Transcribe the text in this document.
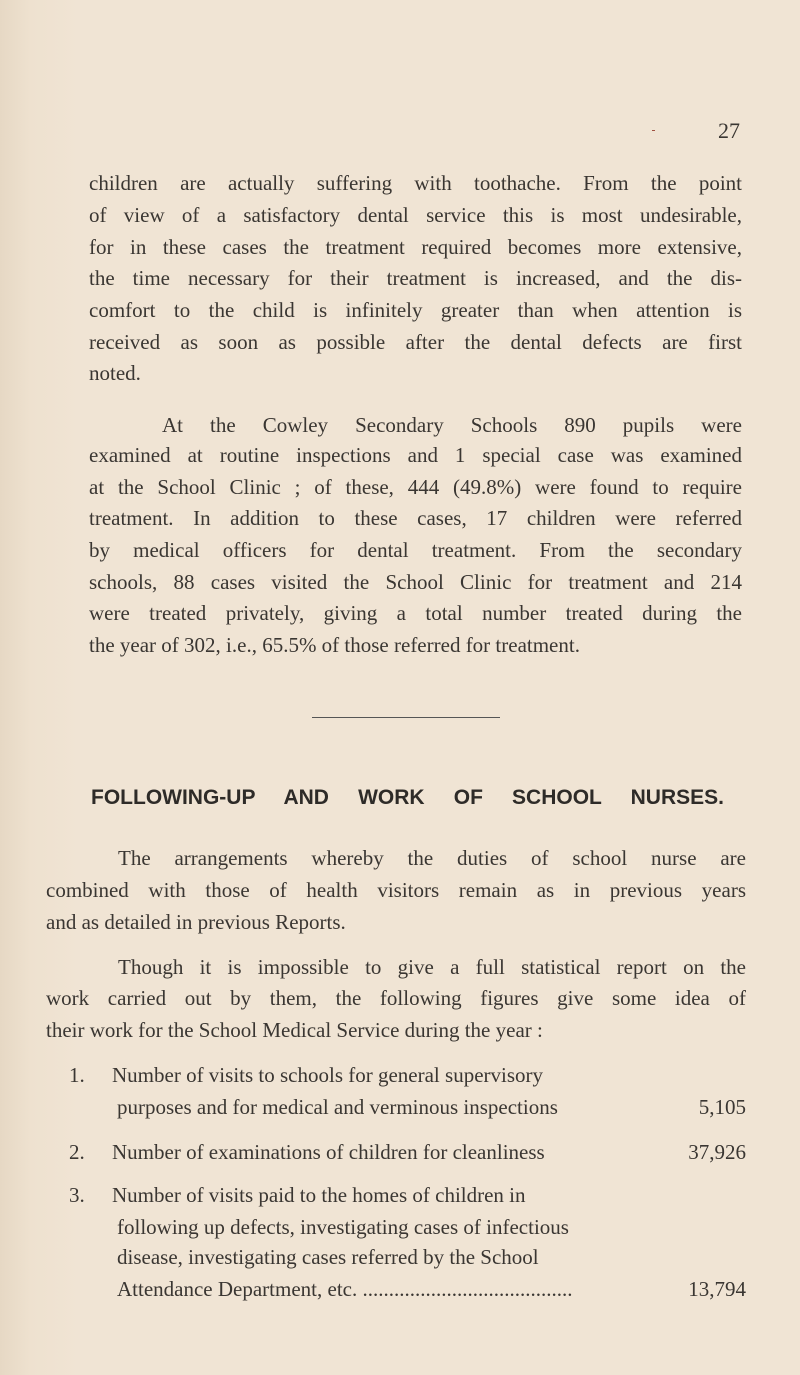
27
children are actually suffering with toothache. From the point
of view of a satisfactory dental service this is most undesirable,
for in these cases the treatment required becomes more extensive,
the time necessary for their treatment is increased, and the dis-
comfort to the child is infinitely greater than when attention is
received as soon as possible after the dental defects are first
noted.
At the Cowley Secondary Schools 890 pupils were
examined at routine inspections and 1 special case was examined
at the School Clinic ; of these, 444 (49.8%) were found to require
treatment. In addition to these cases, 17 children were referred
by medical officers for dental treatment. From the secondary
schools, 88 cases visited the School Clinic for treatment and 214
were treated privately, giving a total number treated during the
the year of 302, i.e., 65.5% of those referred for treatment.
FOLLOWING-UP AND WORK OF SCHOOL NURSES.
The arrangements whereby the duties of school nurse are
combined with those of health visitors remain as in previous years
and as detailed in previous Reports.
Though it is impossible to give a full statistical report on the
work carried out by them, the following figures give some idea of
their work for the School Medical Service during the year :
1. Number of visits to schools for general supervisory
purposes and for medical and verminous inspections	5,105
2. Number of examinations of children for cleanliness	37,926
3. Number of visits paid to the homes of children in
following up defects, investigating cases of infectious
disease, investigating cases referred by the School
Attendance Department, etc. ........................................	13,794
